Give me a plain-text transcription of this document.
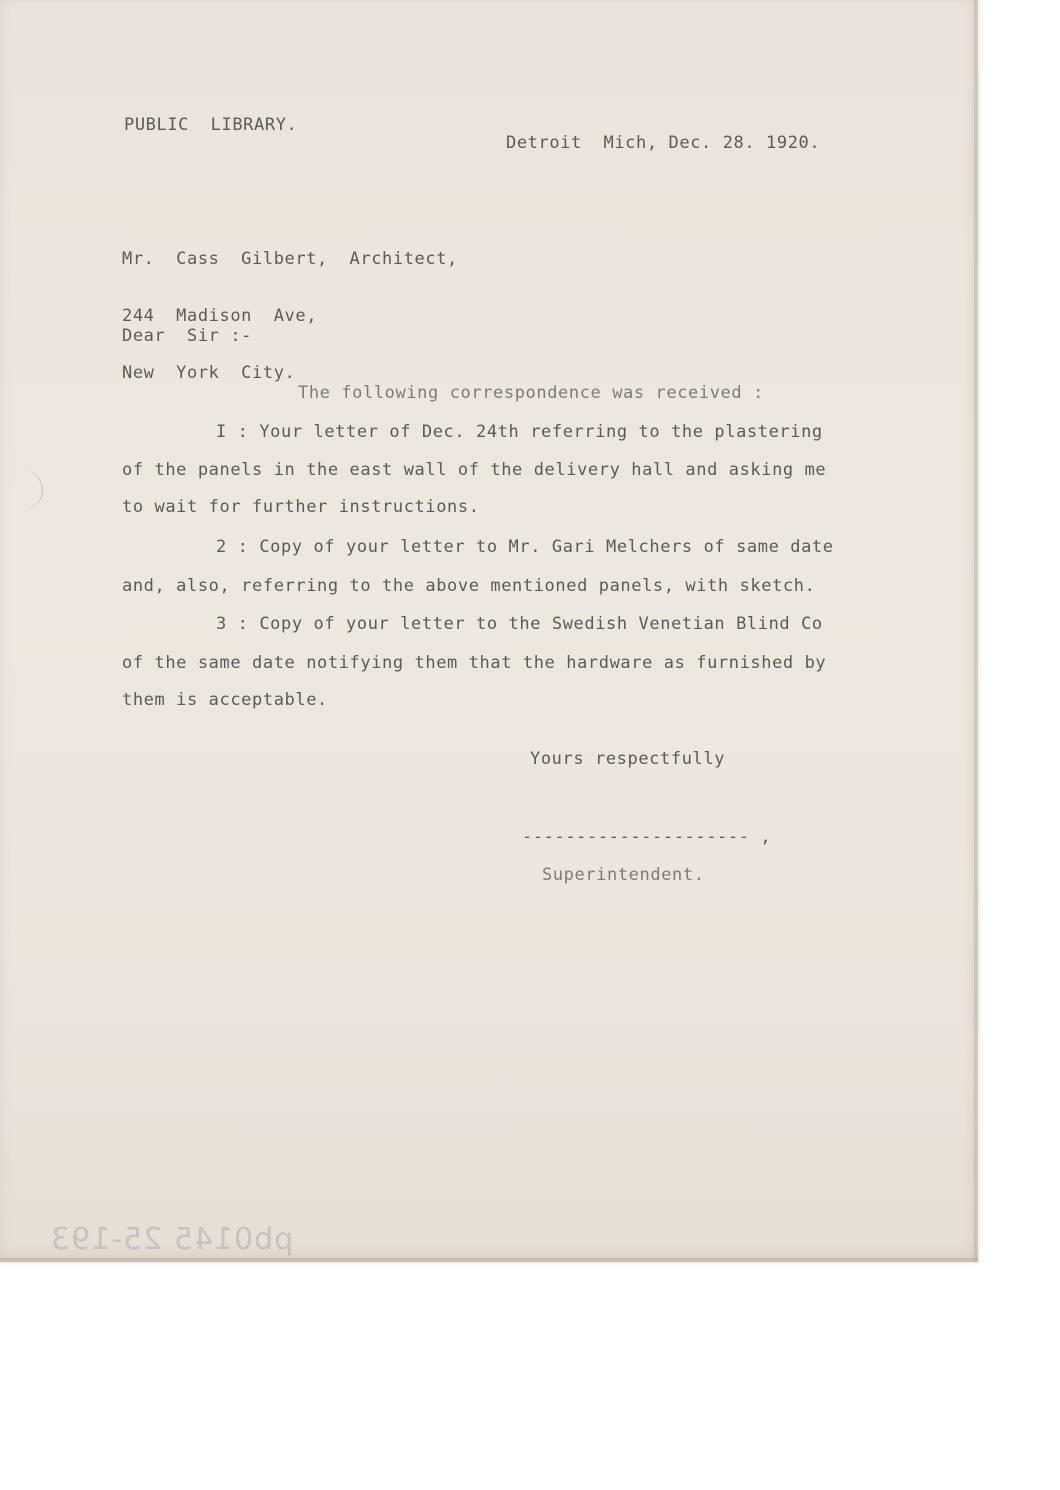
PUBLIC  LIBRARY.
Detroit  Mich, Dec. 28. 1920.

Mr.  Cass  Gilbert,  Architect,

244  Madison  Ave,

New  York  City.

Dear  Sir :-
The following correspondence was received :
I : Your letter of Dec. 24th referring to the plastering
of the panels in the east wall of the delivery hall and asking me
to wait for further instructions.
2 : Copy of your letter to Mr. Gari Melchers of same date
and, also, referring to the above mentioned panels, with sketch.
3 : Copy of your letter to the Swedish Venetian Blind Co
of the same date notifying them that the hardware as furnished by
them is acceptable.
Yours respectfully
--------------------- ,
Superintendent.
pb0145 25-193
